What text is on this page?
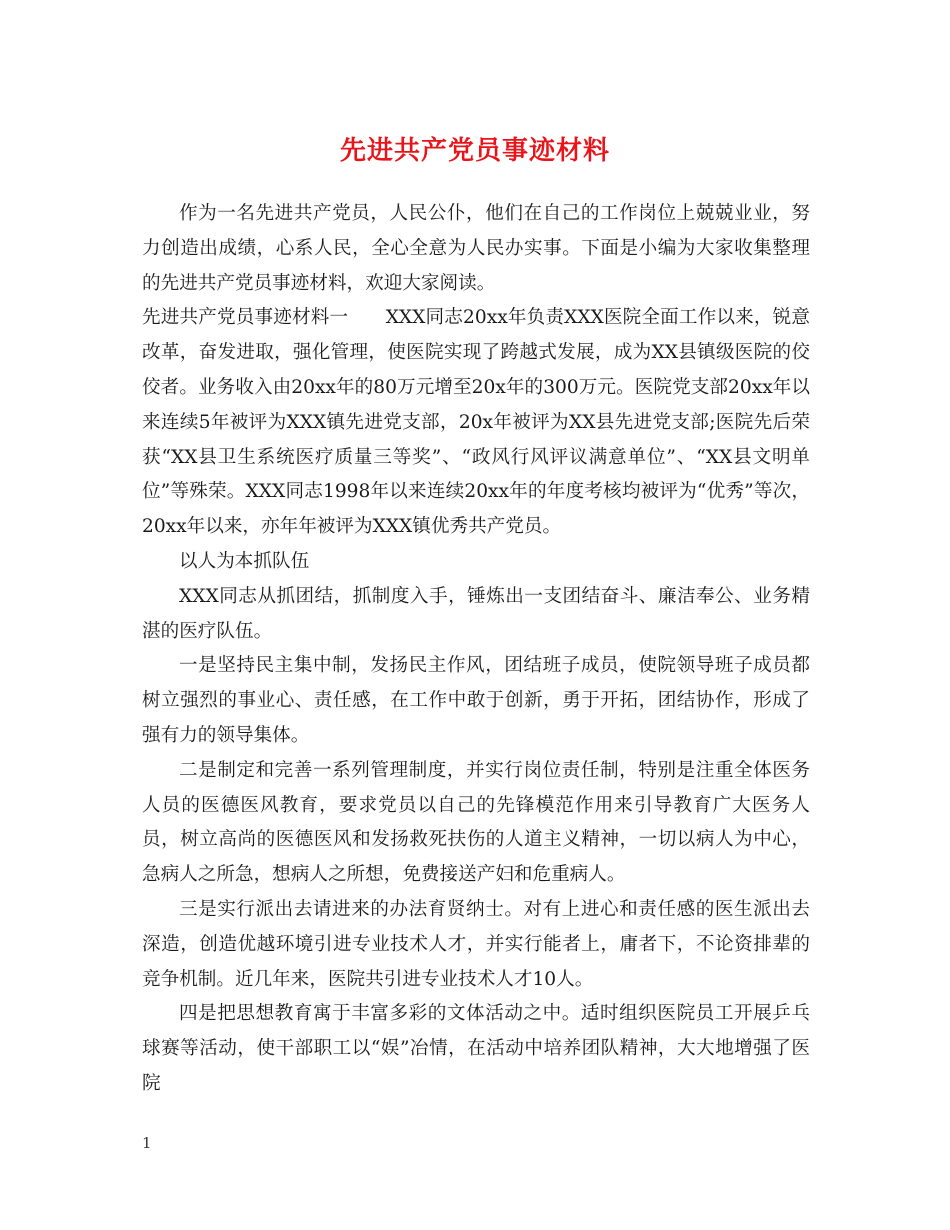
先进共产党员事迹材料

作为一名先进共产党员，人民公仆，他们在自己的工作岗位上兢兢业业，努力创造出成绩，心系人民，全心全意为人民办实事。下面是小编为大家收集整理的先进共产党员事迹材料，欢迎大家阅读。

先进共产党员事迹材料一　　XXX同志20xx年负责XXX医院全面工作以来，锐意改革，奋发进取，强化管理，使医院实现了跨越式发展，成为XX县镇级医院的佼佼者。业务收入由20xx年的80万元增至20x年的300万元。医院党支部20xx年以来连续5年被评为XXX镇先进党支部，20x年被评为XX县先进党支部;医院先后荣获“XX县卫生系统医疗质量三等奖”、“政风行风评议满意单位”、“XX县文明单位”等殊荣。XXX同志1998年以来连续20xx年的年度考核均被评为“优秀”等次，20xx年以来，亦年年被评为XXX镇优秀共产党员。

以人为本抓队伍

XXX同志从抓团结，抓制度入手，锤炼出一支团结奋斗、廉洁奉公、业务精湛的医疗队伍。

一是坚持民主集中制，发扬民主作风，团结班子成员，使院领导班子成员都树立强烈的事业心、责任感，在工作中敢于创新，勇于开拓，团结协作，形成了强有力的领导集体。

二是制定和完善一系列管理制度，并实行岗位责任制，特别是注重全体医务人员的医德医风教育，要求党员以自己的先锋模范作用来引导教育广大医务人员，树立高尚的医德医风和发扬救死扶伤的人道主义精神，一切以病人为中心，急病人之所急，想病人之所想，免费接送产妇和危重病人。

三是实行派出去请进来的办法育贤纳士。对有上进心和责任感的医生派出去深造，创造优越环境引进专业技术人才，并实行能者上，庸者下，不论资排辈的竞争机制。近几年来，医院共引进专业技术人才10人。

四是把思想教育寓于丰富多彩的文体活动之中。适时组织医院员工开展乒乓球赛等活动，使干部职工以“娱”冶情，在活动中培养团队精神，大大地增强了医院

1
